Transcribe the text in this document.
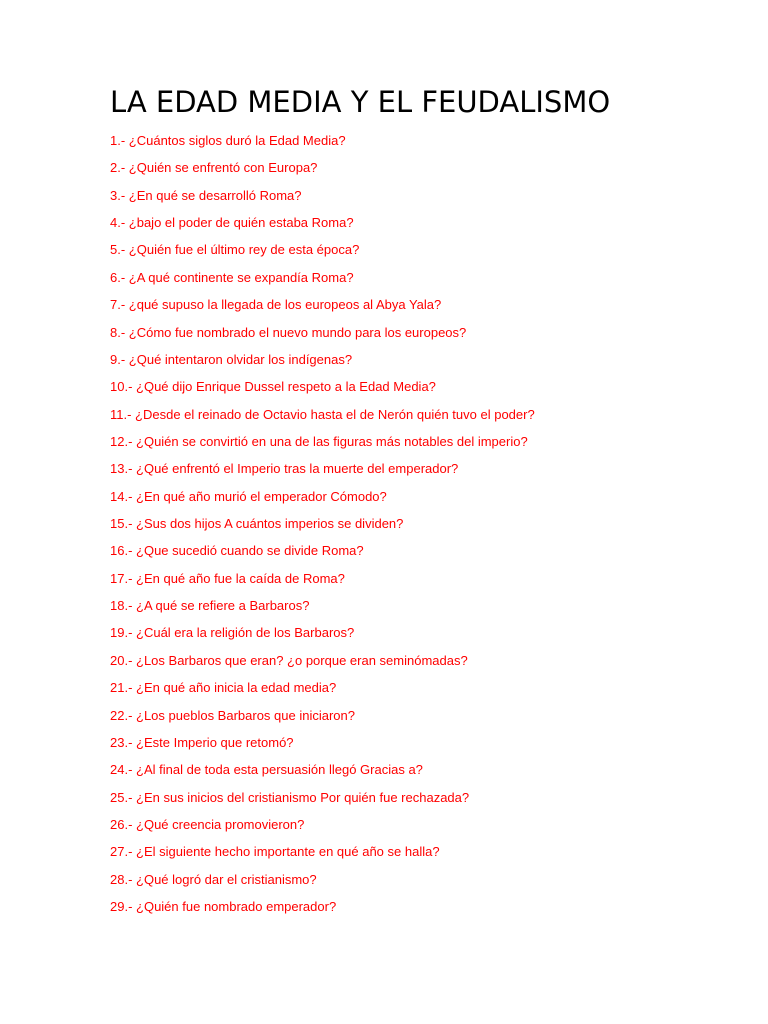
LA EDAD MEDIA Y EL FEUDALISMO
1.- ¿Cuántos siglos duró la Edad Media?
2.- ¿Quién se enfrentó con Europa?
3.- ¿En qué se desarrolló Roma?
4.- ¿bajo el poder de quién estaba Roma?
5.- ¿Quién fue el último rey de esta época?
6.- ¿A qué continente se expandía Roma?
7.- ¿qué supuso la llegada de los europeos al Abya Yala?
8.- ¿Cómo fue nombrado el nuevo mundo para los europeos?
9.- ¿Qué intentaron olvidar los indígenas?
10.- ¿Qué dijo Enrique Dussel respeto a la Edad Media?
11.- ¿Desde el reinado de Octavio hasta el de Nerón quién tuvo el poder?
12.- ¿Quién se convirtió en una de las figuras más notables del imperio?
13.- ¿Qué enfrentó el Imperio tras la muerte del emperador?
14.- ¿En qué año murió el emperador Cómodo?
15.- ¿Sus dos hijos A cuántos imperios se dividen?
16.- ¿Que sucedió cuando se divide Roma?
17.- ¿En qué año fue la caída de Roma?
18.- ¿A qué se refiere a Barbaros?
19.- ¿Cuál era la religión de los Barbaros?
20.- ¿Los Barbaros que eran? ¿o porque eran seminómadas?
21.- ¿En qué año inicia la edad media?
22.- ¿Los pueblos Barbaros que iniciaron?
23.- ¿Este Imperio que retomó?
24.- ¿Al final de toda esta persuasión llegó Gracias a?
25.- ¿En sus inicios del cristianismo Por quién fue rechazada?
26.- ¿Qué creencia promovieron?
27.- ¿El siguiente hecho importante en qué año se halla?
28.- ¿Qué logró dar el cristianismo?
29.- ¿Quién fue nombrado emperador?
